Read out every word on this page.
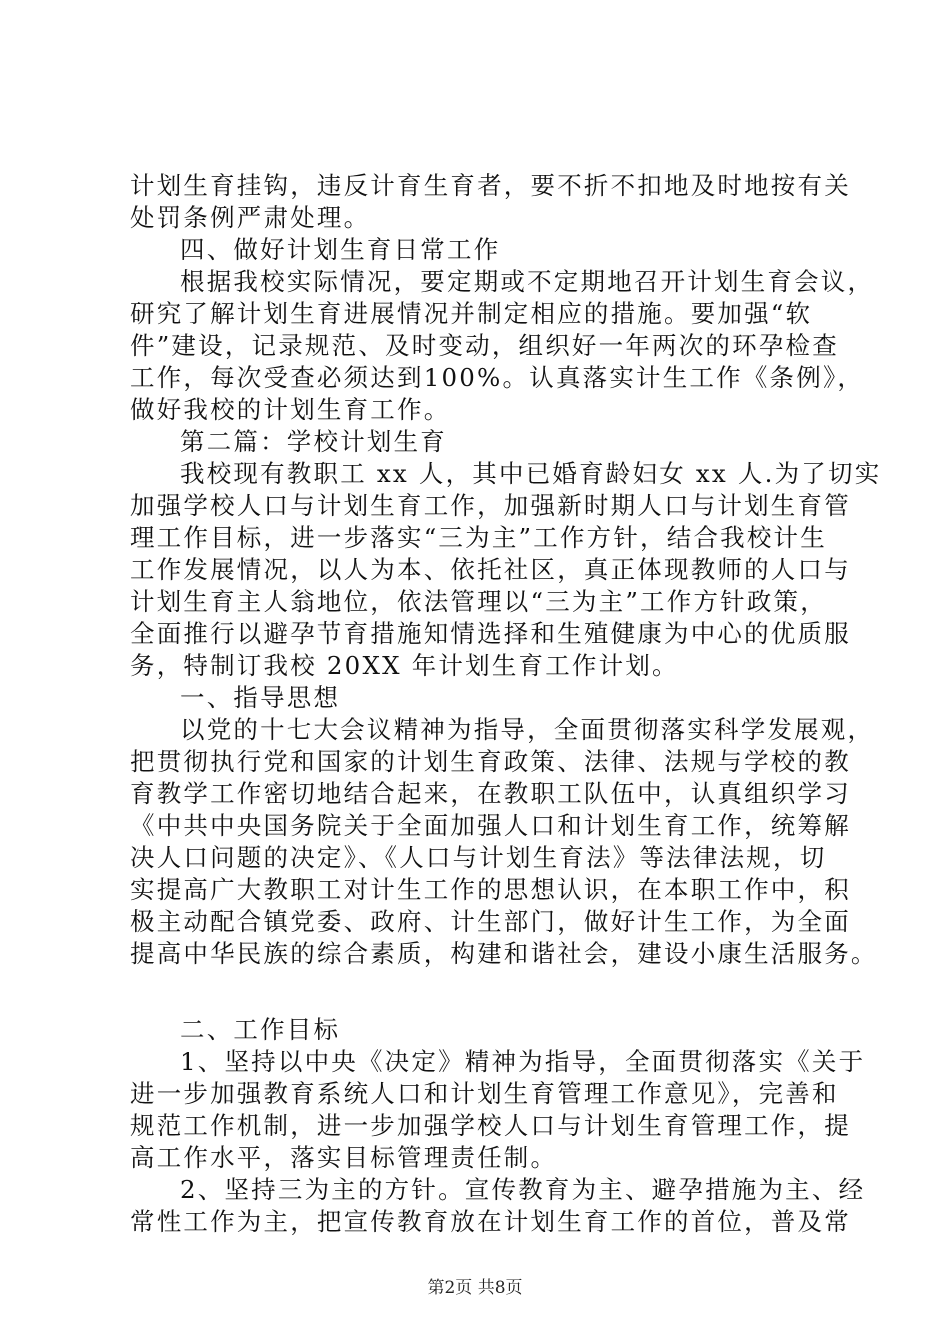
计划生育挂钩，违反计育生育者，要不折不扣地及时地按有关
处罚条例严肃处理。
四、做好计划生育日常工作
根据我校实际情况，要定期或不定期地召开计划生育会议，
研究了解计划生育进展情况并制定相应的措施。要加强“软
件”建设，记录规范、及时变动，组织好一年两次的环孕检查
工作，每次受查必须达到100%。认真落实计生工作《条例》，
做好我校的计划生育工作。
第二篇：学校计划生育
我校现有教职工 xx 人，其中已婚育龄妇女 xx 人.为了切实
加强学校人口与计划生育工作，加强新时期人口与计划生育管
理工作目标，进一步落实“三为主”工作方针，结合我校计生
工作发展情况，以人为本、依托社区，真正体现教师的人口与
计划生育主人翁地位，依法管理以“三为主”工作方针政策，
全面推行以避孕节育措施知情选择和生殖健康为中心的优质服
务，特制订我校 20XX 年计划生育工作计划。
一、指导思想
以党的十七大会议精神为指导，全面贯彻落实科学发展观，
把贯彻执行党和国家的计划生育政策、法律、法规与学校的教
育教学工作密切地结合起来，在教职工队伍中，认真组织学习
《中共中央国务院关于全面加强人口和计划生育工作，统筹解
决人口问题的决定》、《人口与计划生育法》等法律法规，切
实提高广大教职工对计生工作的思想认识，在本职工作中，积
极主动配合镇党委、政府、计生部门，做好计生工作，为全面
提高中华民族的综合素质，构建和谐社会，建设小康生活服务。
二、工作目标
1、坚持以中央《决定》精神为指导，全面贯彻落实《关于
进一步加强教育系统人口和计划生育管理工作意见》，完善和
规范工作机制，进一步加强学校人口与计划生育管理工作，提
高工作水平，落实目标管理责任制。
2、坚持三为主的方针。宣传教育为主、避孕措施为主、经
常性工作为主，把宣传教育放在计划生育工作的首位，普及常
第2页 共8页
